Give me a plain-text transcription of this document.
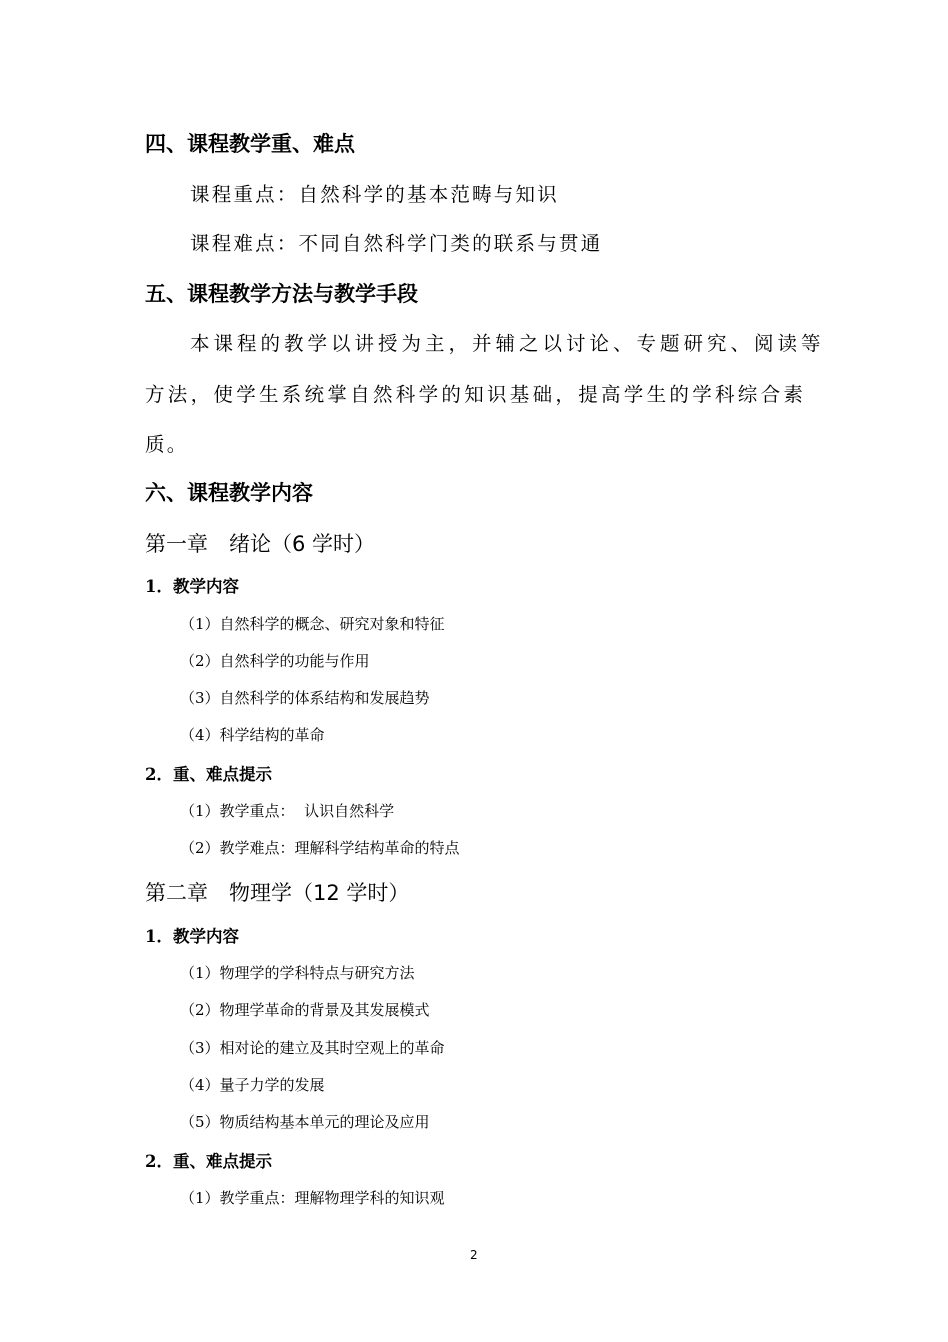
四、课程教学重、难点
课程重点：自然科学的基本范畴与知识
课程难点：不同自然科学门类的联系与贯通
五、课程教学方法与教学手段
本课程的教学以讲授为主，并辅之以讨论、专题研究、阅读等
方法，使学生系统掌自然科学的知识基础，提高学生的学科综合素
质。
六、课程教学内容
第一章　绪论（6 学时）
1．教学内容
（1）自然科学的概念、研究对象和特征
（2）自然科学的功能与作用
（3）自然科学的体系结构和发展趋势
（4）科学结构的革命
2．重、难点提示
（1）教学重点：  认识自然科学
（2）教学难点：理解科学结构革命的特点
第二章　物理学（12 学时）
1．教学内容
（1）物理学的学科特点与研究方法
（2）物理学革命的背景及其发展模式
（3）相对论的建立及其时空观上的革命
（4）量子力学的发展
（5）物质结构基本单元的理论及应用
2．重、难点提示
（1）教学重点：理解物理学科的知识观
2
